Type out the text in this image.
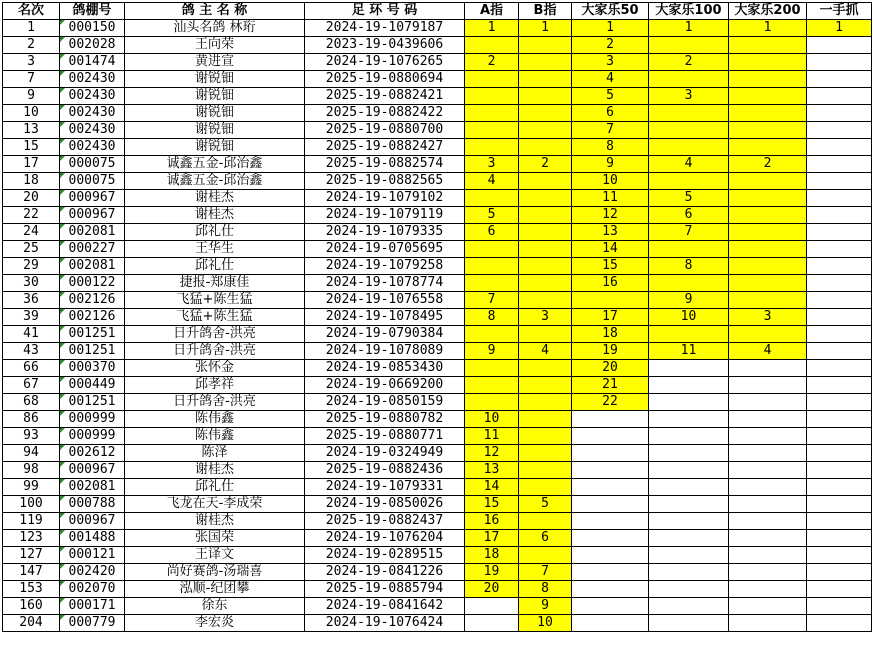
名次	鸽棚号	鸽 主 名 称	足 环 号 码	A指	B指	大家乐50	大家乐100	大家乐200	一手抓
1	000150	汕头名鸽 林珩	2024-19-1079187	1	1	1	1	1	1
2	002028	王向荣	2023-19-0439606			2			
3	001474	黄进宣	2024-19-1076265	2		3	2		
7	002430	谢锐钿	2025-19-0880694			4			
9	002430	谢锐钿	2025-19-0882421			5	3		
10	002430	谢锐钿	2025-19-0882422			6			
13	002430	谢锐钿	2025-19-0880700			7			
15	002430	谢锐钿	2025-19-0882427			8			
17	000075	诚鑫五金-邱治鑫	2025-19-0882574	3	2	9	4	2	
18	000075	诚鑫五金-邱治鑫	2025-19-0882565	4		10			
20	000967	谢桂杰	2024-19-1079102			11	5		
22	000967	谢桂杰	2024-19-1079119	5		12	6		
24	002081	邱礼仕	2024-19-1079335	6		13	7		
25	000227	王华生	2024-19-0705695			14			
29	002081	邱礼仕	2024-19-1079258			15	8		
30	000122	捷报-郑康佳	2024-19-1078774			16			
36	002126	飞猛+陈生猛	2024-19-1076558	7			9		
39	002126	飞猛+陈生猛	2024-19-1078495	8	3	17	10	3	
41	001251	日升鸽舍-洪亮	2024-19-0790384			18			
43	001251	日升鸽舍-洪亮	2024-19-1078089	9	4	19	11	4	
66	000370	张怀金	2024-19-0853430			20			
67	000449	邱孝祥	2024-19-0669200			21			
68	001251	日升鸽舍-洪亮	2024-19-0850159			22			
86	000999	陈伟鑫	2025-19-0880782	10					
93	000999	陈伟鑫	2025-19-0880771	11					
94	002612	陈泽	2024-19-0324949	12					
98	000967	谢桂杰	2025-19-0882436	13					
99	002081	邱礼仕	2024-19-1079331	14					
100	000788	飞龙在天-李成荣	2024-19-0850026	15	5				
119	000967	谢桂杰	2025-19-0882437	16					
123	001488	张国荣	2024-19-1076204	17	6				
127	000121	王译文	2024-19-0289515	18					
147	002420	尚好赛鸽-汤瑞喜	2024-19-0841226	19	7				
153	002070	泓顺-纪团攀	2025-19-0885794	20	8				
160	000171	徐东	2024-19-0841642		9				
204	000779	李宏炎	2024-19-1076424		10				
